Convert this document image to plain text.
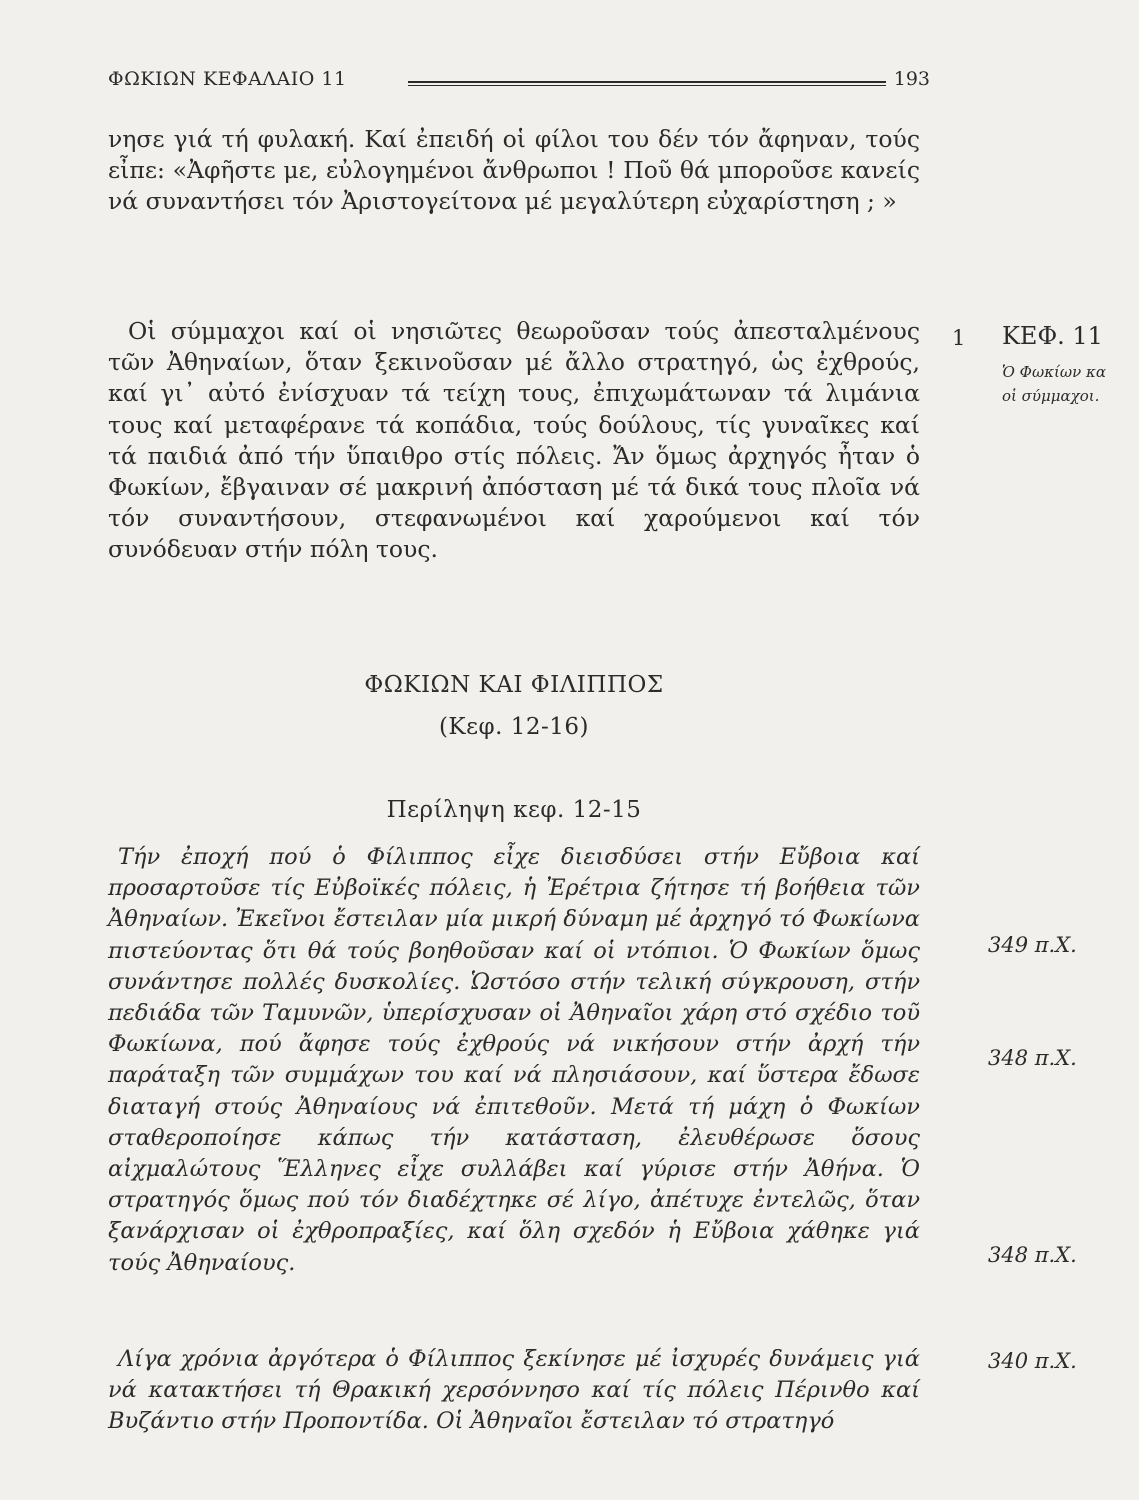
ΦΩΚΙΩΝ ΚΕΦΑΛΑΙΟ 11	193

νησε γιά τή φυλακή. Καί ἐπειδή οἱ φίλοι του δέν τόν ἄφηναν, τούς εἶπε: «Ἀφῆστε με, εὐλογημένοι ἄνθρωποι ! Ποῦ θά μποροῦσε κανείς νά συναντήσει τόν Ἀριστογείτονα μέ μεγαλύτερη εὐχαρίστηση ; »

Οἱ σύμμαχοι καί οἱ νησιῶτες θεωροῦσαν τούς ἀπεσταλμένους τῶν Ἀθηναίων, ὅταν ξεκινοῦσαν μέ ἄλλο στρατηγό, ὡς ἐχθρούς, καί γι᾽ αὐτό ἐνίσχυαν τά τείχη τους, ἐπιχωμάτωναν τά λιμάνια τους καί μεταφέρανε τά κοπάδια, τούς δούλους, τίς γυναῖκες καί τά παιδιά ἀπό τήν ὕπαιθρο στίς πόλεις. Ἄν ὅμως ἀρχηγός ἦταν ὁ Φωκίων, ἔβγαιναν σέ μακρινή ἀπόσταση μέ τά δικά τους πλοῖα νά τόν συναντήσουν, στεφανωμένοι καί χαρούμενοι καί τόν συνόδευαν στήν πόλη τους.

ΦΩΚΙΩΝ ΚΑΙ ΦΙΛΙΠΠΟΣ
(Κεφ. 12-16)
Περίληψη κεφ. 12-15

Τήν ἐποχή πού ὁ Φίλιππος εἶχε διεισδύσει στήν Εὔβοια καί προσαρτοῦσε τίς Εὐβοϊκές πόλεις, ἡ Ἐρέτρια ζήτησε τή βοήθεια τῶν Ἀθηναίων. Ἐκεῖνοι ἔστειλαν μία μικρή δύναμη μέ ἀρχηγό τό Φωκίωνα πιστεύοντας ὅτι θά τούς βοηθοῦσαν καί οἱ ντόπιοι. Ὁ Φωκίων ὅμως συνάντησε πολλές δυσκολίες. Ὡστόσο στήν τελική σύγκρουση, στήν πεδιάδα τῶν Ταμυνῶν, ὑπερίσχυσαν οἱ Ἀθηναῖοι χάρη στό σχέδιο τοῦ Φωκίωνα, πού ἄφησε τούς ἐχθρούς νά νικήσουν στήν ἀρχή τήν παράταξη τῶν συμμάχων του καί νά πλησιάσουν, καί ὕστερα ἔδωσε διαταγή στούς Ἀθηναίους νά ἐπιτεθοῦν. Μετά τή μάχη ὁ Φωκίων σταθεροποίησε κάπως τήν κατάσταση, ἐλευθέρωσε ὅσους αἰχμαλώτους Ἕλληνες εἶχε συλλάβει καί γύρισε στήν Ἀθήνα. Ὁ στρατηγός ὅμως πού τόν διαδέχτηκε σέ λίγο, ἀπέτυχε ἐντελῶς, ὅταν ξανάρχισαν οἱ ἐχθροπραξίες, καί ὅλη σχεδόν ἡ Εὔβοια χάθηκε γιά τούς Ἀθηναίους.

Λίγα χρόνια ἀργότερα ὁ Φίλιππος ξεκίνησε μέ ἰσχυρές δυνάμεις γιά νά κατακτήσει τή Θρακική χερσόννησο καί τίς πόλεις Πέρινθο καί Βυζάντιο στήν Προποντίδα. Οἱ Ἀθηναῖοι ἔστειλαν τό στρατηγό

1 ΚΕΦ. 11
Ὁ Φωκίων κα
οἱ σύμμαχοι.
349 π.Χ.
348 π.Χ.
348 π.Χ.
340 π.Χ.
